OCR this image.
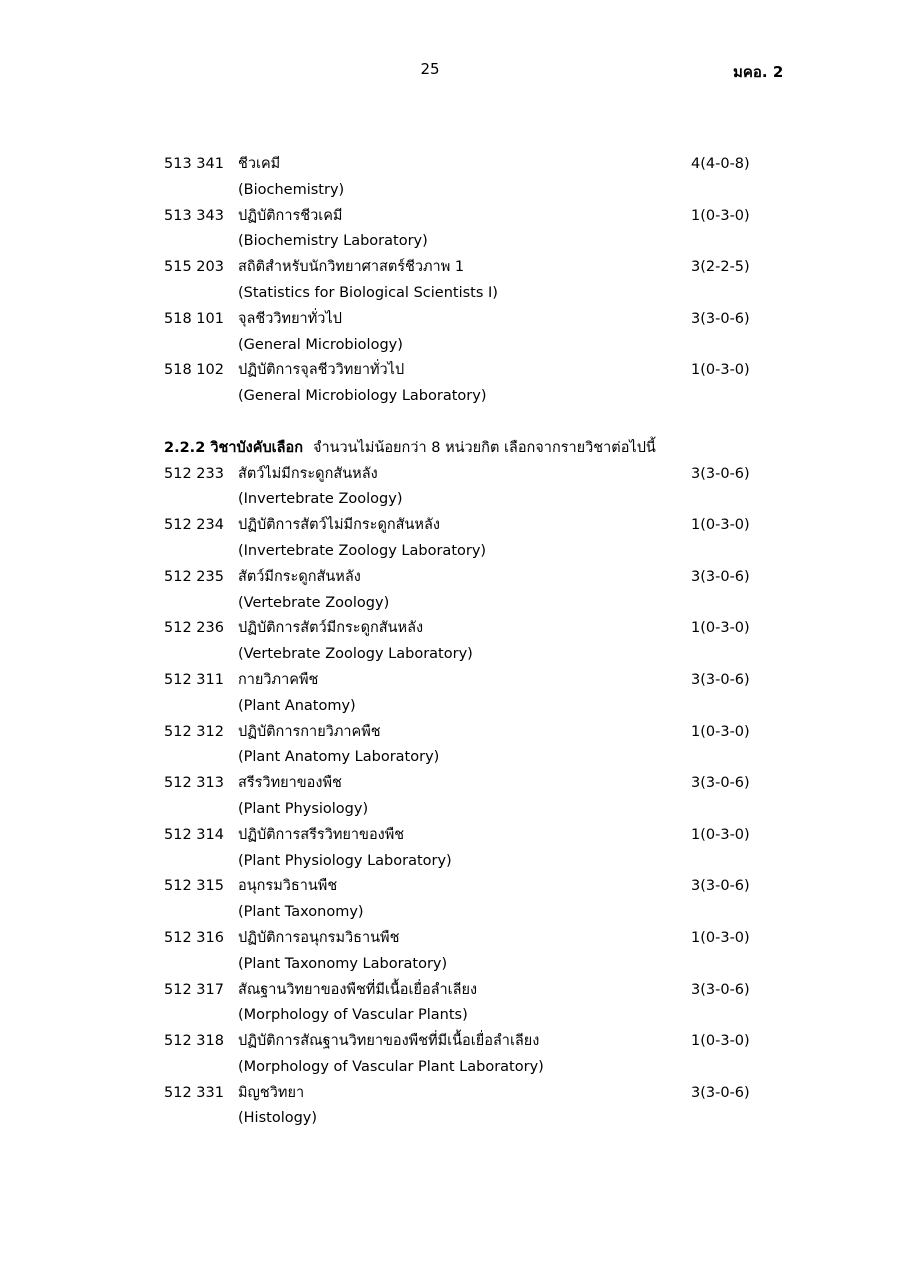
25	มคอ. 2
513 341 ชีวเคมี	4(4-0-8)
(Biochemistry)
513 343 ปฏิบัติการชีวเคมี	1(0-3-0)
(Biochemistry Laboratory)
515 203 สถิติสำหรับนักวิทยาศาสตร์ชีวภาพ 1	3(2-2-5)
(Statistics for Biological Scientists I)
518 101 จุลชีววิทยาทั่วไป	3(3-0-6)
(General Microbiology)
518 102 ปฏิบัติการจุลชีววิทยาทั่วไป	1(0-3-0)
(General Microbiology Laboratory)
2.2.2 วิชาบังคับเลือก จำนวนไม่น้อยกว่า 8 หน่วยกิต เลือกจากรายวิชาต่อไปนี้
512 233 สัตว์ไม่มีกระดูกสันหลัง	3(3-0-6)
(Invertebrate Zoology)
512 234 ปฏิบัติการสัตว์ไม่มีกระดูกสันหลัง	1(0-3-0)
(Invertebrate Zoology Laboratory)
512 235 สัตว์มีกระดูกสันหลัง	3(3-0-6)
(Vertebrate Zoology)
512 236 ปฏิบัติการสัตว์มีกระดูกสันหลัง	1(0-3-0)
(Vertebrate Zoology Laboratory)
512 311 กายวิภาคพืช	3(3-0-6)
(Plant Anatomy)
512 312 ปฏิบัติการกายวิภาคพืช	1(0-3-0)
(Plant Anatomy Laboratory)
512 313 สรีรวิทยาของพืช	3(3-0-6)
(Plant Physiology)
512 314 ปฏิบัติการสรีรวิทยาของพืช	1(0-3-0)
(Plant Physiology Laboratory)
512 315 อนุกรมวิธานพืช	3(3-0-6)
(Plant Taxonomy)
512 316 ปฏิบัติการอนุกรมวิธานพืช	1(0-3-0)
(Plant Taxonomy Laboratory)
512 317 สัณฐานวิทยาของพืชที่มีเนื้อเยื่อลำเลียง	3(3-0-6)
(Morphology of Vascular Plants)
512 318 ปฏิบัติการสัณฐานวิทยาของพืชที่มีเนื้อเยื่อลำเลียง	1(0-3-0)
(Morphology of Vascular Plant Laboratory)
512 331 มิญชวิทยา	3(3-0-6)
(Histology)
